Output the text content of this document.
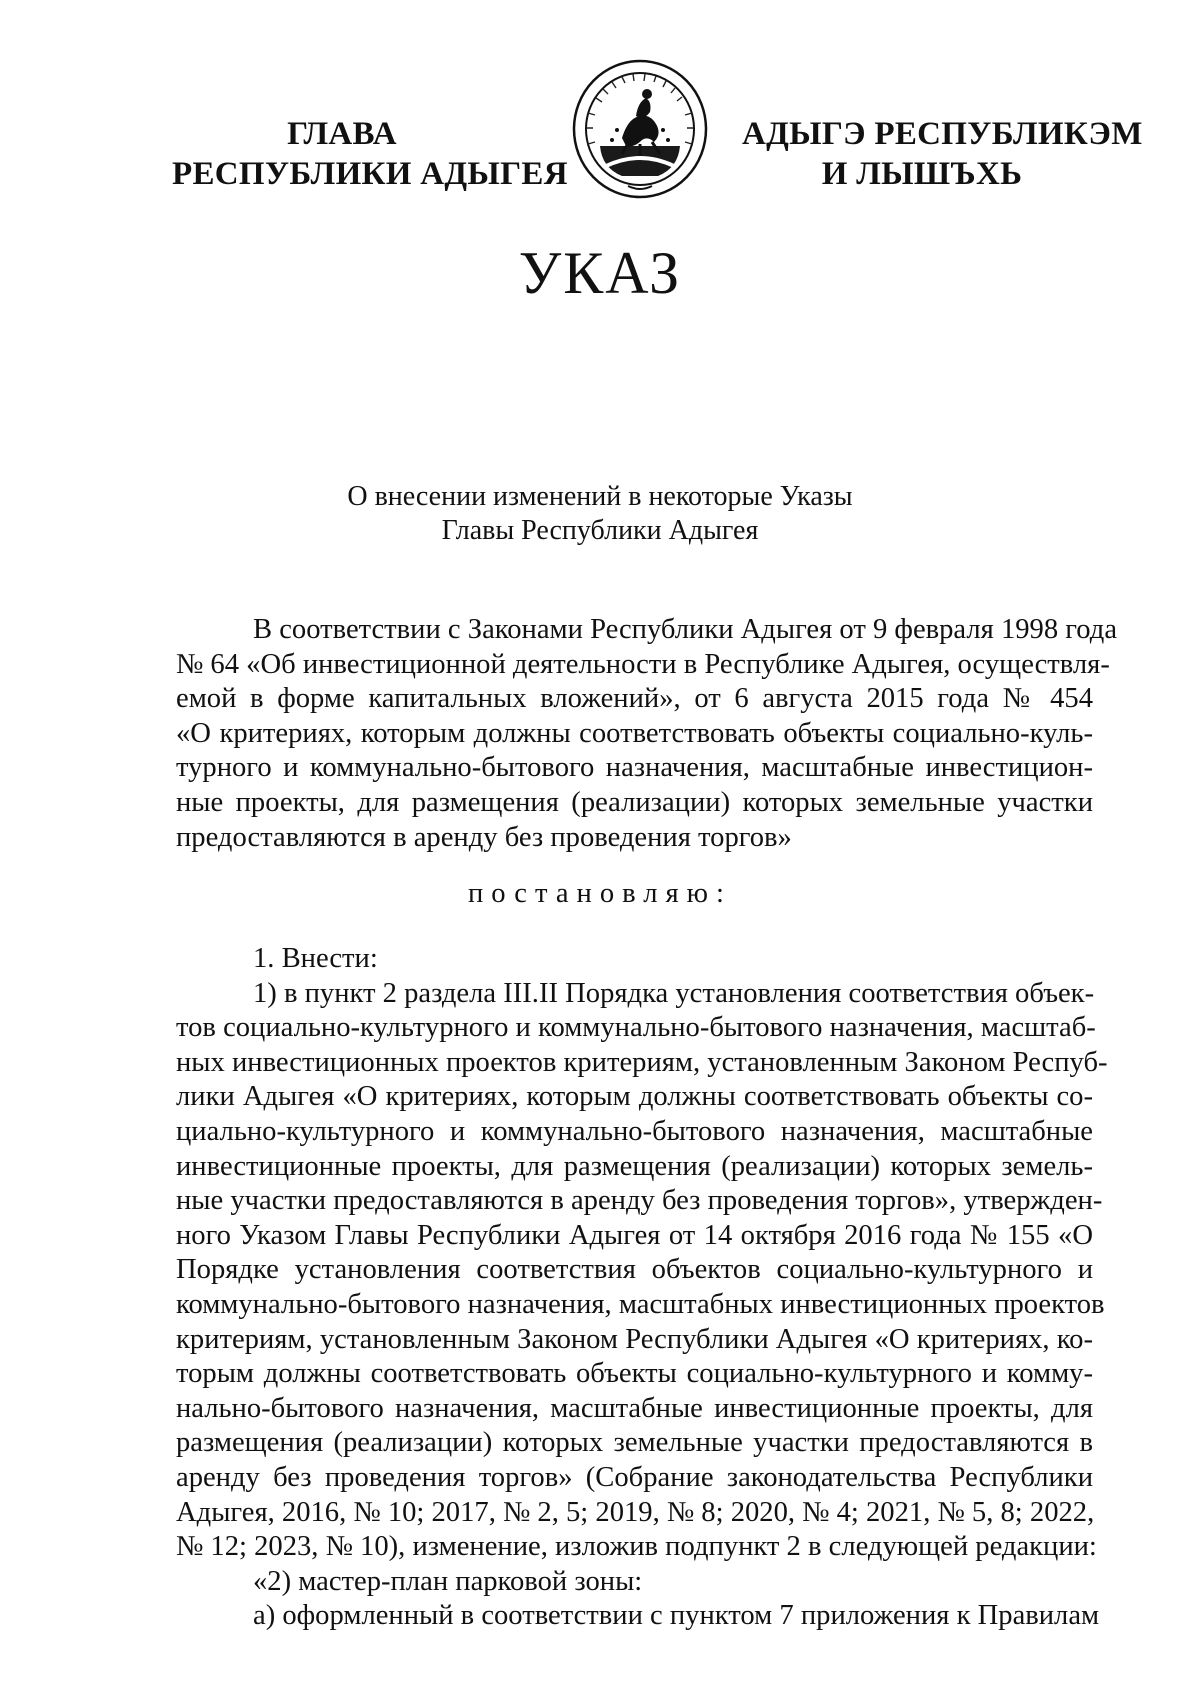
ГЛАВА
РЕСПУБЛИКИ АДЫГЕЯ
АДЫГЭ РЕСПУБЛИКЭМ
И ЛЫШЪХЬ
УКАЗ
О внесении изменений в некоторые Указы
Главы Республики Адыгея
В соответствии с Законами Республики Адыгея от 9 февраля 1998 года
№ 64 «Об инвестиционной деятельности в Республике Адыгея, осуществля-
емой в форме капитальных вложений», от 6 августа 2015 года № 454
«О критериях, которым должны соответствовать объекты социально-куль-
турного и коммунально-бытового назначения, масштабные инвестицион-
ные проекты, для размещения (реализации) которых земельные участки
предоставляются в аренду без проведения торгов»
постановляю:
1. Внести:
1) в пункт 2 раздела III.II Порядка установления соответствия объек-
тов социально-культурного и коммунально-бытового назначения, масштаб-
ных инвестиционных проектов критериям, установленным Законом Респуб-
лики Адыгея «О критериях, которым должны соответствовать объекты со-
циально-культурного и коммунально-бытового назначения, масштабные
инвестиционные проекты, для размещения (реализации) которых земель-
ные участки предоставляются в аренду без проведения торгов», утвержден-
ного Указом Главы Республики Адыгея от 14 октября 2016 года № 155 «О
Порядке установления соответствия объектов социально-культурного и
коммунально-бытового назначения, масштабных инвестиционных проектов
критериям, установленным Законом Республики Адыгея «О критериях, ко-
торым должны соответствовать объекты социально-культурного и комму-
нально-бытового назначения, масштабные инвестиционные проекты, для
размещения (реализации) которых земельные участки предоставляются в
аренду без проведения торгов» (Собрание законодательства Республики
Адыгея, 2016, № 10; 2017, № 2, 5; 2019, № 8; 2020, № 4; 2021, № 5, 8; 2022,
№ 12; 2023, № 10), изменение, изложив подпункт 2 в следующей редакции:
«2) мастер-план парковой зоны:
а) оформленный в соответствии с пунктом 7 приложения к Правилам
